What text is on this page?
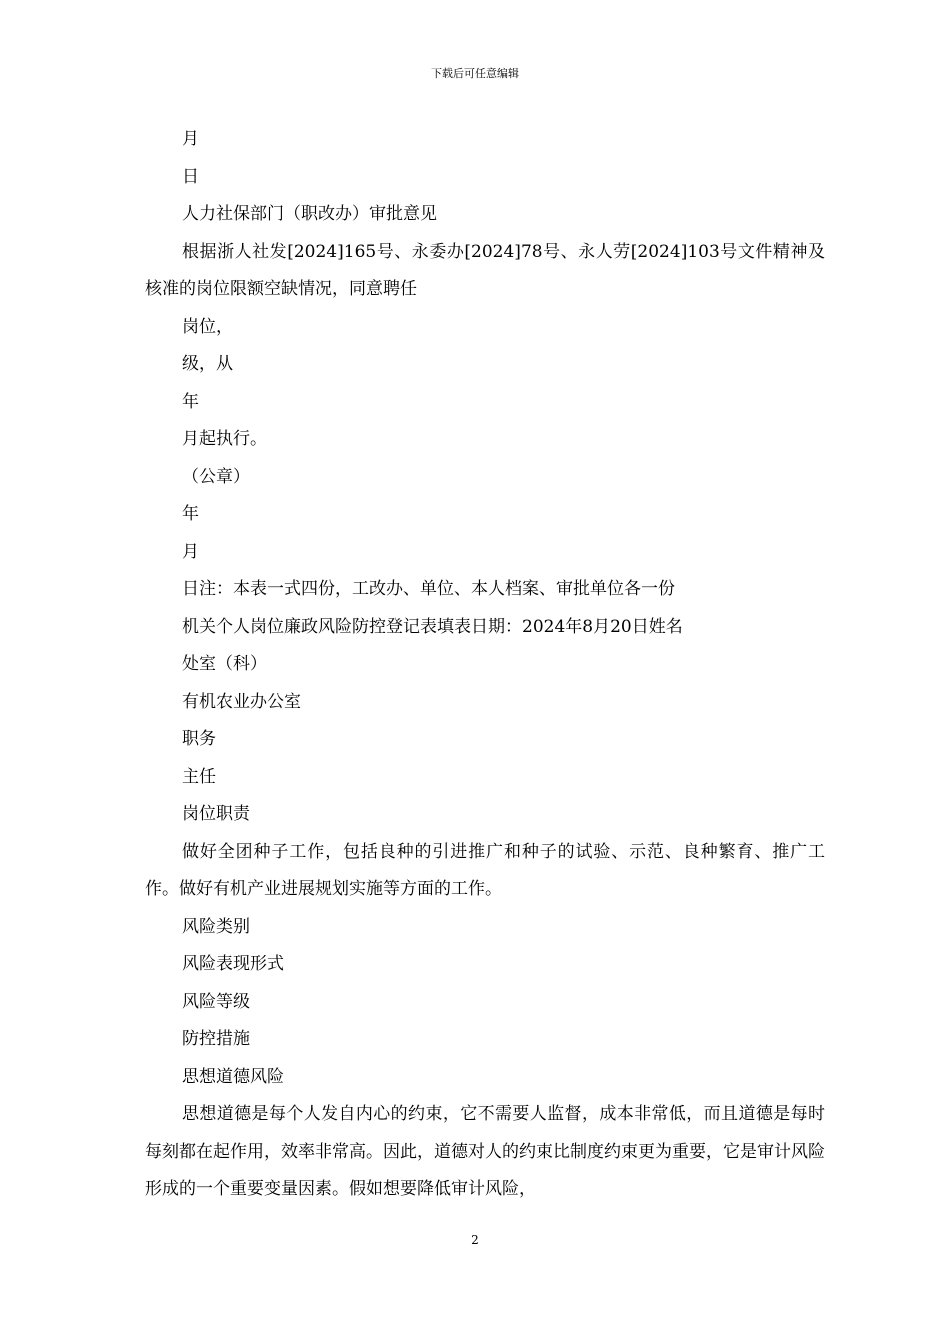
下载后可任意编辑

月

日

人力社保部门（职改办）审批意见

根据浙人社发[2024]165号、永委办[2024]78号、永人劳[2024]103号文件精神及核准的岗位限额空缺情况，同意聘任

岗位，

级，从

年

月起执行。

（公章）

年

月

日注：本表一式四份，工改办、单位、本人档案、审批单位各一份

机关个人岗位廉政风险防控登记表填表日期：2024年8月20日姓名

处室（科）

有机农业办公室

职务

主任

岗位职责

做好全团种子工作，包括良种的引进推广和种子的试验、示范、良种繁育、推广工作。做好有机产业进展规划实施等方面的工作。

风险类别

风险表现形式

风险等级

防控措施

思想道德风险

思想道德是每个人发自内心的约束，它不需要人监督，成本非常低，而且道德是每时每刻都在起作用，效率非常高。因此，道德对人的约束比制度约束更为重要，它是审计风险形成的一个重要变量因素。假如想要降低审计风险，

2
